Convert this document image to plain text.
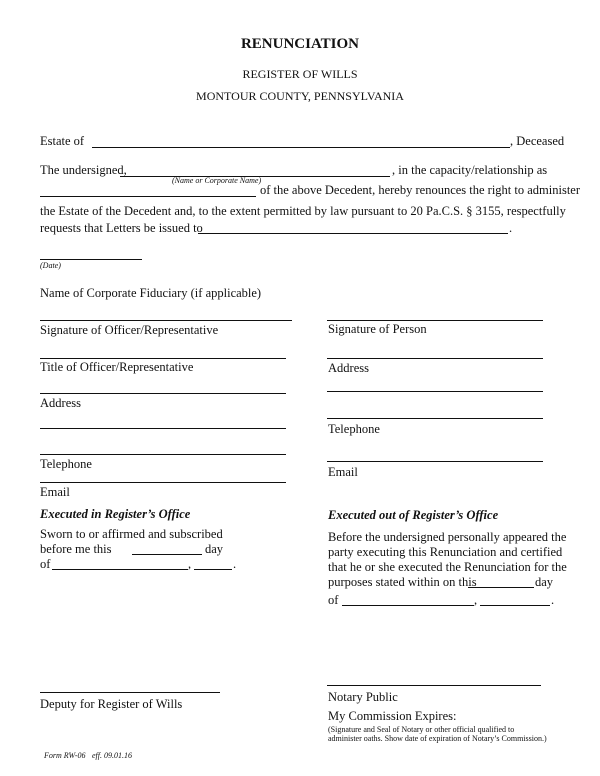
RENUNCIATION
REGISTER OF WILLS
MONTOUR COUNTY, PENNSYLVANIA
Estate of	, Deceased
The undersigned,
(Name or Corporate Name)
, in the capacity/relationship as
of the above Decedent, hereby renounces the right to administer
the Estate of the Decedent and, to the extent permitted by law pursuant to 20 Pa.C.S. § 3155, respectfully
requests that Letters be issued to	.
(Date)
Name of Corporate Fiduciary (if applicable)
Signature of Officer/Representative
Title of Officer/Representative
Address
Telephone
Email
Signature of Person
Address
Telephone
Email
Executed in Register’s Office
Sworn to or affirmed and subscribed
before me this	day
of	,	.
Executed out of Register’s Office
Before the undersigned personally appeared the
party executing this Renunciation and certified
that he or she executed the Renunciation for the
purposes stated within on this	day
of	,	.
Deputy for Register of Wills	Notary Public
My Commission Expires:
(Signature and Seal of Notary or other official qualified to
administer oaths. Show date of expiration of Notary’s Commission.)
Form RW-06 eff. 09.01.16
